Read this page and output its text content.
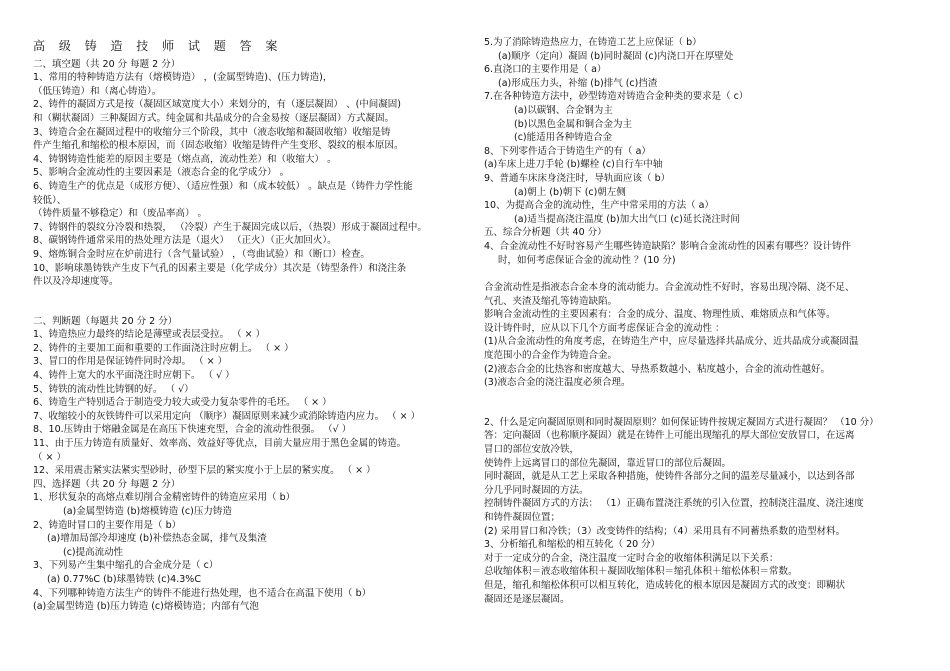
高 级 铸 造 技 师 试 题 答 案
二、填空题（共 20 分 每题 2 分）
1、常用的特种铸造方法有（熔模铸造） ，(金属型铸造)、(压力铸造)，
（低压铸造）和（离心铸造）。
2、铸件的凝固方式是按（凝固区域宽度大小）来划分的，有（逐层凝固） 、(中间凝固)
和（糊状凝固）三种凝固方式。纯金属和共晶成分的合金易按（逐层凝固）方式凝固。
3、铸造合金在凝固过程中的收缩分三个阶段，其中（液态收缩和凝固收缩）收缩是铸
件产生缩孔和缩松的根本原因，而（固态收缩）收缩是铸件产生变形、裂纹的根本原因。
4、铸钢铸造性能差的原因主要是（熔点高，流动性差）和（收缩大） 。
5、影响合金流动性的主要因素是（液态合金的化学成分） 。
6、铸造生产的优点是（成形方便）、（适应性强）和（成本较低） 。缺点是（铸件力学性能
较低）、
（铸件质量不够稳定）和（废品率高） 。
7、铸钢件的裂纹分冷裂和热裂， （冷裂）产生于凝固完成以后，（热裂）形成于凝固过程中。
8、碳钢铸件通常采用的热处理方法是（退火） （正火）（正火加回火）。
9、熔炼铜合金时应在炉前进行（含气量试验） ，（弯曲试验）和（断口）检查。
10、影响球墨铸铁产生皮下气孔的因素主要是（化学成分）其次是（铸型条件）和浇注条
件以及冷却速度等。
二、判断题（每题共 20 分 2 分）
1、铸造热应力最终的结论是薄壁或表层受拉。 （ × ）
2、铸件的主要加工面和重要的工作面浇注时应朝上。 （ × ）
3、冒口的作用是保证铸件同时冷却。 （ × ）
4、铸件上宽大的水平面浇注时应朝下。 （ √ ）
5、铸铁的流动性比铸钢的好。 （ √）
6、铸造生产特别适合于制造受力较大或受力复杂零件的毛坯。 （ × ）
7、收缩较小的灰铁铸件可以采用定向 （顺序）凝固原则来减少或消除铸造内应力。 （ × ）
8、10.压铸由于熔融金属是在高压下快速充型，合金的流动性很强。 （√ ）
11、由于压力铸造有质量好、效率高、效益好等优点，目前大量应用于黑色金属的铸造。
（ × ）
12、采用震击紧实法紧实型砂时，砂型下层的紧实度小于上层的紧实度。 （ × ）
四、选择题（共 20 分 每题 2 分）
1、形状复杂的高熔点难切削合金精密铸件的铸造应采用（ b）
(a)金属型铸造 (b)熔模铸造 (c)压力铸造
2、铸造时冒口的主要作用是（ b）
(a)增加局部冷却速度 (b)补偿热态金属，排气及集渣
(c)提高流动性
3、下列易产生集中缩孔的合金成分是（ c）
(a) 0.77%C (b)球墨铸铁 (c)4.3%C
4、下列哪种铸造方法生产的铸件不能进行热处理，也不适合在高温下使用（ b）
(a)金属型铸造 (b)压力铸造 (c)熔模铸造；内部有气泡
5.为了消除铸造热应力，在铸造工艺上应保证（ b）
(a)顺序（定向）凝固 (b)同时凝固 (c)内浇口开在厚壁处
6.直浇口的主要作用是（ a）
(a)形成压力头，补缩 (b)排气 (c)挡渣
7.在各种铸造方法中，砂型铸造对铸造合金种类的要求是（ c）
(a)以碳钢、合金钢为主
(b)以黑色金属和铜合金为主
(c)能适用各种铸造合金
8、下列零件适合于铸造生产的有（ a）
(a)车床上进刀手轮 (b)螺栓 (c)自行车中轴
9、普通车床床身浇注时，导轨面应该（ b）
(a)朝上 (b)朝下 (c)朝左侧
10、为提高合金的流动性，生产中常采用的方法（ a）
(a)适当提高浇注温度 (b)加大出气口 (c)延长浇注时间
五、综合分析题（共 40 分）
4、合金流动性不好时容易产生哪些铸造缺陷？影响合金流动性的因素有哪些？设计铸件
时，如何考虑保证合金的流动性 ？(10 分)
合金流动性是指液态合金本身的流动能力。合金流动性不好时，容易出现冷隔、浇不足、
气孔、夹渣及缩孔等铸造缺陷。
影响合金流动性的主要因素有：合金的成分、温度、物理性质、难熔质点和气体等。
设计铸件时，应从以下几个方面考虑保证合金的流动性 ：
(1)从合金流动性的角度考虑，在铸造生产中，应尽量选择共晶成分、近共晶成分或凝固温
度范围小的合金作为铸造合金。
(2)液态合金的比热容和密度越大、导热系数越小、粘度越小，合金的流动性越好。
(3)液态合金的浇注温度必须合理。
2、什么是定向凝固原则和同时凝固原则？如何保证铸件按规定凝固方式进行凝固？ （10 分）
答：定向凝固（也称顺序凝固）就是在铸件上可能出现缩孔的厚大部位安放冒口，在远离
冒口的部位安放冷铁，
使铸件上远离冒口的部位先凝固，靠近冒口的部位后凝固。
同时凝固，就是从工艺上采取各种措施，使铸件各部分之间的温差尽量减小，以达到各部
分几乎同时凝固的方法。
控制铸件凝固方式的方法： （1）正确布置浇注系统的引入位置，控制浇注温度、浇注速度
和铸件凝固位置；
(2) 采用冒口和冷铁；（3）改变铸件的结构；（4）采用具有不同蓄热系数的造型材料。
3、分析缩孔和缩松的相互转化（ 20 分）
对于一定成分的合金，浇注温度一定时合金的收缩体积满足以下关系：
总收缩体积＝液态收缩体积＋凝固收缩体积＝缩孔体积＋缩松体积＝常数。
但是，缩孔和缩松体积可以相互转化，造成转化的根本原因是凝固方式的改变：即糊状
凝固还是逐层凝固。
